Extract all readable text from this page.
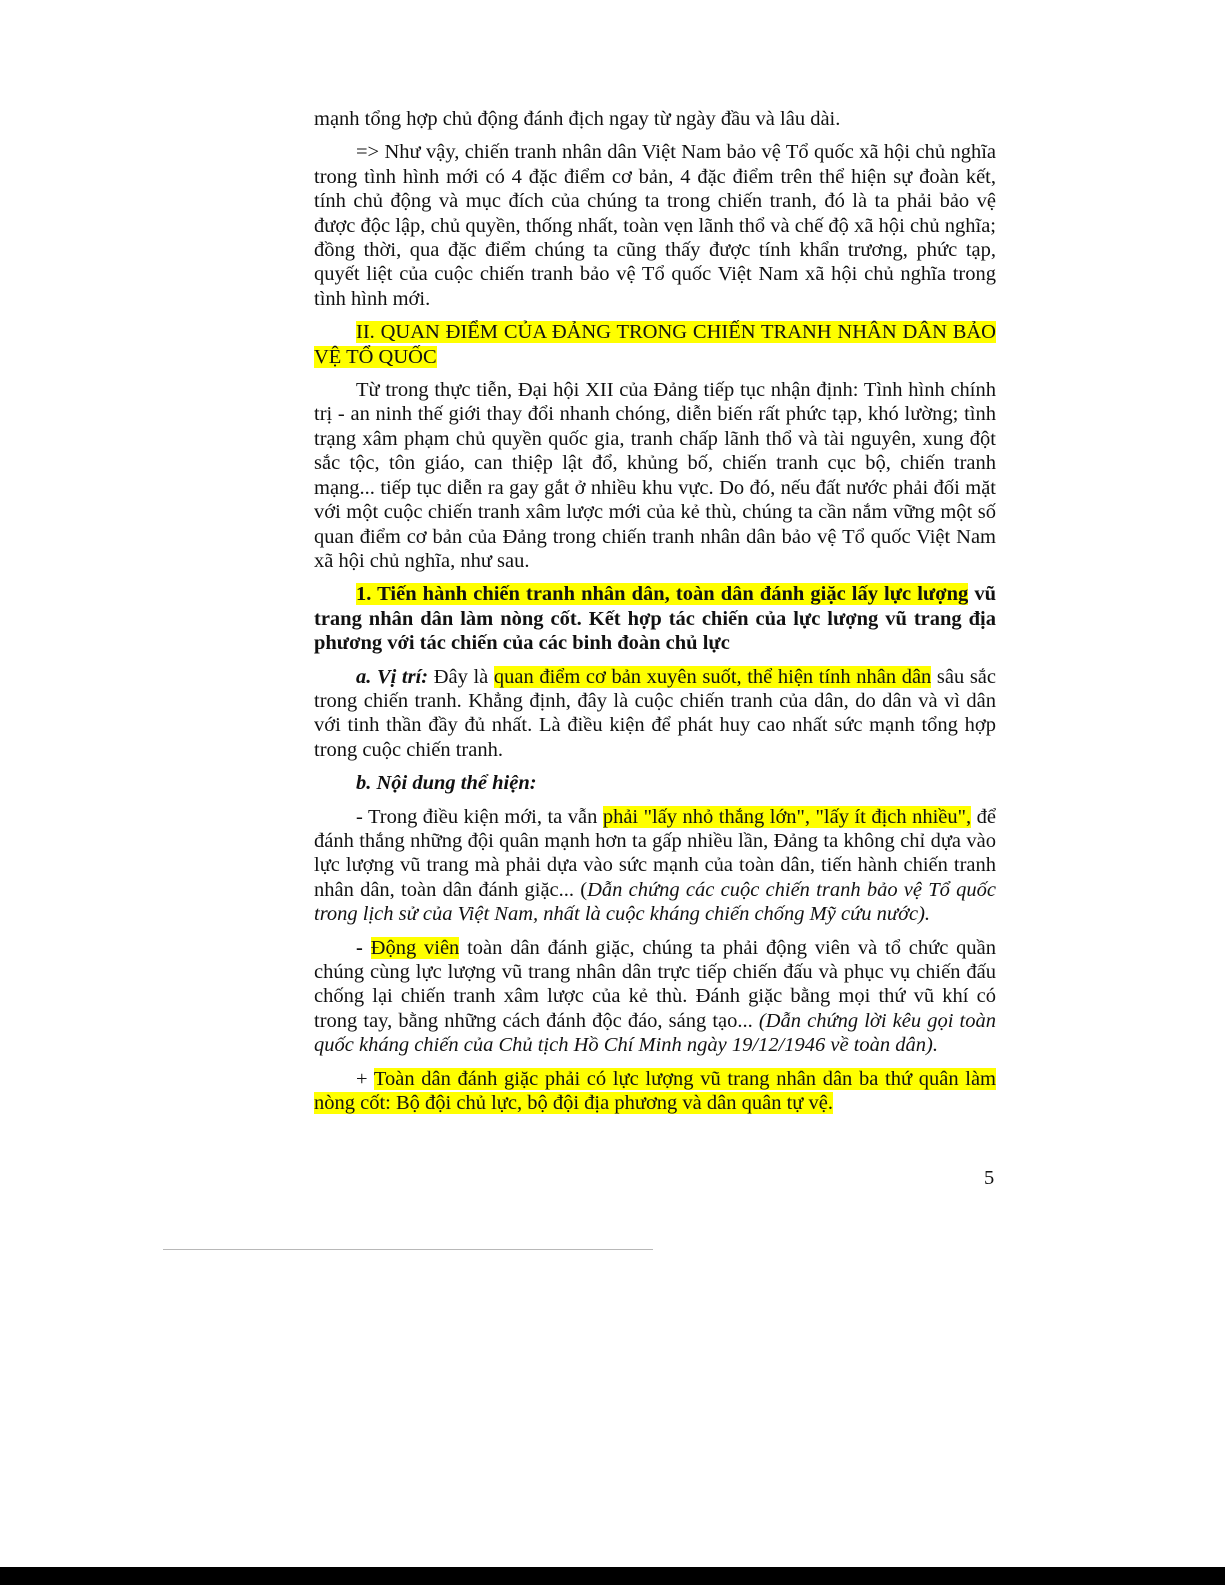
mạnh tổng hợp chủ động đánh địch ngay từ ngày đầu và lâu dài.

=> Như vậy, chiến tranh nhân dân Việt Nam bảo vệ Tổ quốc xã hội chủ nghĩa trong tình hình mới có 4 đặc điểm cơ bản, 4 đặc điểm trên thể hiện sự đoàn kết, tính chủ động và mục đích của chúng ta trong chiến tranh, đó là ta phải bảo vệ được độc lập, chủ quyền, thống nhất, toàn vẹn lãnh thổ và chế độ xã hội chủ nghĩa; đồng thời, qua đặc điểm chúng ta cũng thấy được tính khẩn trương, phức tạp, quyết liệt của cuộc chiến tranh bảo vệ Tổ quốc Việt Nam xã hội chủ nghĩa trong tình hình mới.

II. QUAN ĐIỂM CỦA ĐẢNG TRONG CHIẾN TRANH NHÂN DÂN BẢO VỆ TỔ QUỐC

Từ trong thực tiễn, Đại hội XII của Đảng tiếp tục nhận định: Tình hình chính trị - an ninh thế giới thay đổi nhanh chóng, diễn biến rất phức tạp, khó lường; tình trạng xâm phạm chủ quyền quốc gia, tranh chấp lãnh thổ và tài nguyên, xung đột sắc tộc, tôn giáo, can thiệp lật đổ, khủng bố, chiến tranh cục bộ, chiến tranh mạng... tiếp tục diễn ra gay gắt ở nhiều khu vực. Do đó, nếu đất nước phải đối mặt với một cuộc chiến tranh xâm lược mới của kẻ thù, chúng ta cần nắm vững một số quan điểm cơ bản của Đảng trong chiến tranh nhân dân bảo vệ Tổ quốc Việt Nam xã hội chủ nghĩa, như sau.

1. Tiến hành chiến tranh nhân dân, toàn dân đánh giặc lấy lực lượng vũ trang nhân dân làm nòng cốt. Kết hợp tác chiến của lực lượng vũ trang địa phương với tác chiến của các binh đoàn chủ lực

a. Vị trí: Đây là quan điểm cơ bản xuyên suốt, thể hiện tính nhân dân sâu sắc trong chiến tranh. Khẳng định, đây là cuộc chiến tranh của dân, do dân và vì dân với tinh thần đầy đủ nhất. Là điều kiện để phát huy cao nhất sức mạnh tổng hợp trong cuộc chiến tranh.

b. Nội dung thể hiện:

- Trong điều kiện mới, ta vẫn phải "lấy nhỏ thắng lớn", "lấy ít địch nhiều", để đánh thắng những đội quân mạnh hơn ta gấp nhiều lần, Đảng ta không chỉ dựa vào lực lượng vũ trang mà phải dựa vào sức mạnh của toàn dân, tiến hành chiến tranh nhân dân, toàn dân đánh giặc... (Dẫn chứng các cuộc chiến tranh bảo vệ Tổ quốc trong lịch sử của Việt Nam, nhất là cuộc kháng chiến chống Mỹ cứu nước).

- Động viên toàn dân đánh giặc, chúng ta phải động viên và tổ chức quần chúng cùng lực lượng vũ trang nhân dân trực tiếp chiến đấu và phục vụ chiến đấu chống lại chiến tranh xâm lược của kẻ thù. Đánh giặc bằng mọi thứ vũ khí có trong tay, bằng những cách đánh độc đáo, sáng tạo... (Dẫn chứng lời kêu gọi toàn quốc kháng chiến của Chủ tịch Hồ Chí Minh ngày 19/12/1946 về toàn dân).

+ Toàn dân đánh giặc phải có lực lượng vũ trang nhân dân ba thứ quân làm nòng cốt: Bộ đội chủ lực, bộ đội địa phương và dân quân tự vệ.

5
